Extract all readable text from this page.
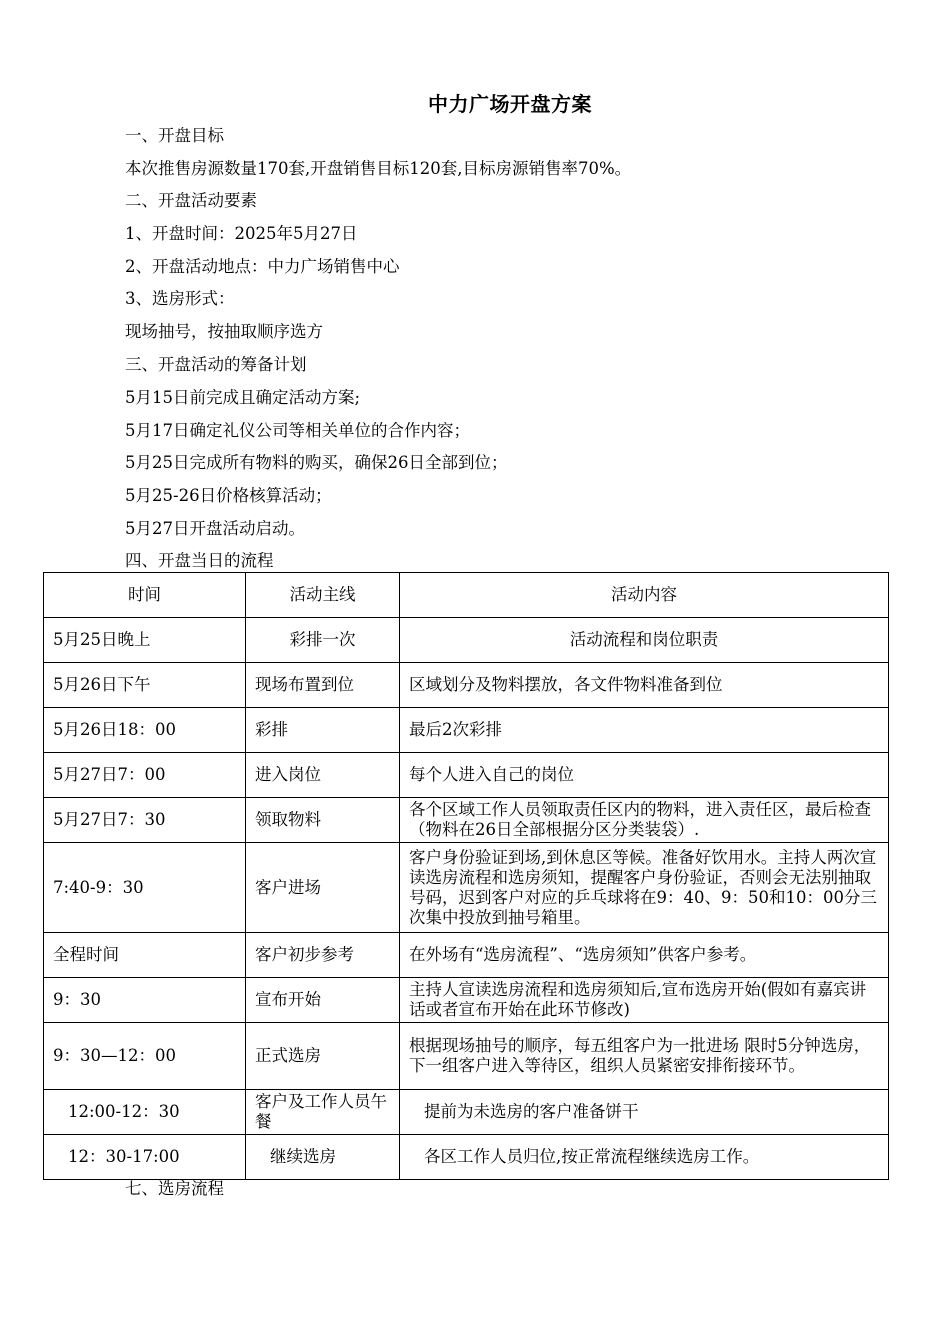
中力广场开盘方案
一、开盘目标
本次推售房源数量170套,开盘销售目标120套,目标房源销售率70%。
二、开盘活动要素
1、开盘时间：2025年5月27日
2、开盘活动地点：中力广场销售中心
3、选房形式：
现场抽号，按抽取顺序选方
三、开盘活动的筹备计划
5月15日前完成且确定活动方案;
5月17日确定礼仪公司等相关单位的合作内容；
5月25日完成所有物料的购买，确保26日全部到位；
5月25-26日价格核算活动；
5月27日开盘活动启动。
四、开盘当日的流程
时间	活动主线	活动内容
5月25日晚上	彩排一次	活动流程和岗位职责
5月26日下午	现场布置到位	区域划分及物料摆放，各文件物料准备到位
5月26日18：00	彩排	最后2次彩排
5月27日7：00	进入岗位	每个人进入自己的岗位
5月27日7：30	领取物料	各个区域工作人员领取责任区内的物料，进入责任区，最后检查（物料在26日全部根据分区分类装袋）.
7:40-9：30	客户进场	客户身份验证到场,到休息区等候。准备好饮用水。主持人两次宣读选房流程和选房须知，提醒客户身份验证，否则会无法别抽取号码，迟到客户对应的乒乓球将在9：40、9：50和10：00分三次集中投放到抽号箱里。
全程时间	客户初步参考	在外场有“选房流程”、“选房须知”供客户参考。
9：30	宣布开始	主持人宣读选房流程和选房须知后,宣布选房开始(假如有嘉宾讲话或者宣布开始在此环节修改)
9：30—12：00	正式选房	根据现场抽号的顺序，每五组客户为一批进场 限时5分钟选房，下一组客户进入等待区，组织人员紧密安排衔接环节。
12:00-12：30	客户及工作人员午餐	提前为未选房的客户准备饼干
12：30-17:00	继续选房	各区工作人员归位,按正常流程继续选房工作。
七、选房流程
